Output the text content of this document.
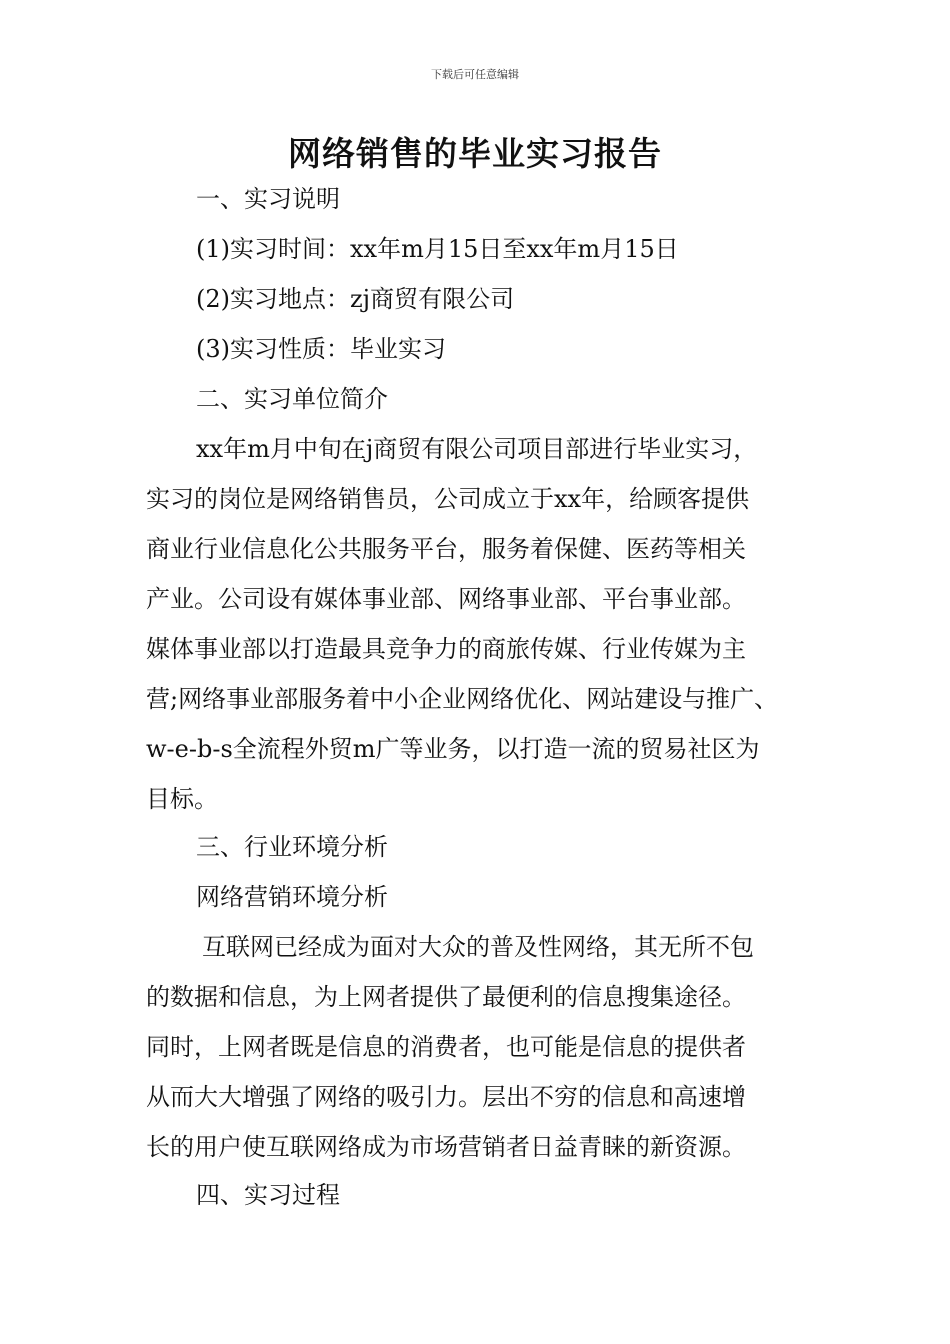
下载后可任意编辑
网络销售的毕业实习报告
一、实习说明
(1)实习时间：xx年m月15日至xx年m月15日
(2)实习地点：zj商贸有限公司
(3)实习性质：毕业实习
二、实习单位简介
xx年m月中旬在j商贸有限公司项目部进行毕业实习，
实习的岗位是网络销售员，公司成立于xx年，给顾客提供
商业行业信息化公共服务平台，服务着保健、医药等相关
产业。公司设有媒体事业部、网络事业部、平台事业部。
媒体事业部以打造最具竞争力的商旅传媒、行业传媒为主
营;网络事业部服务着中小企业网络优化、网站建设与推广、
w-e-b-s全流程外贸m广等业务，以打造一流的贸易社区为
目标。
三、行业环境分析
网络营销环境分析
互联网已经成为面对大众的普及性网络，其无所不包
的数据和信息，为上网者提供了最便利的信息搜集途径。
同时，上网者既是信息的消费者，也可能是信息的提供者
从而大大增强了网络的吸引力。层出不穷的信息和高速增
长的用户使互联网络成为市场营销者日益青睐的新资源。
四、实习过程
